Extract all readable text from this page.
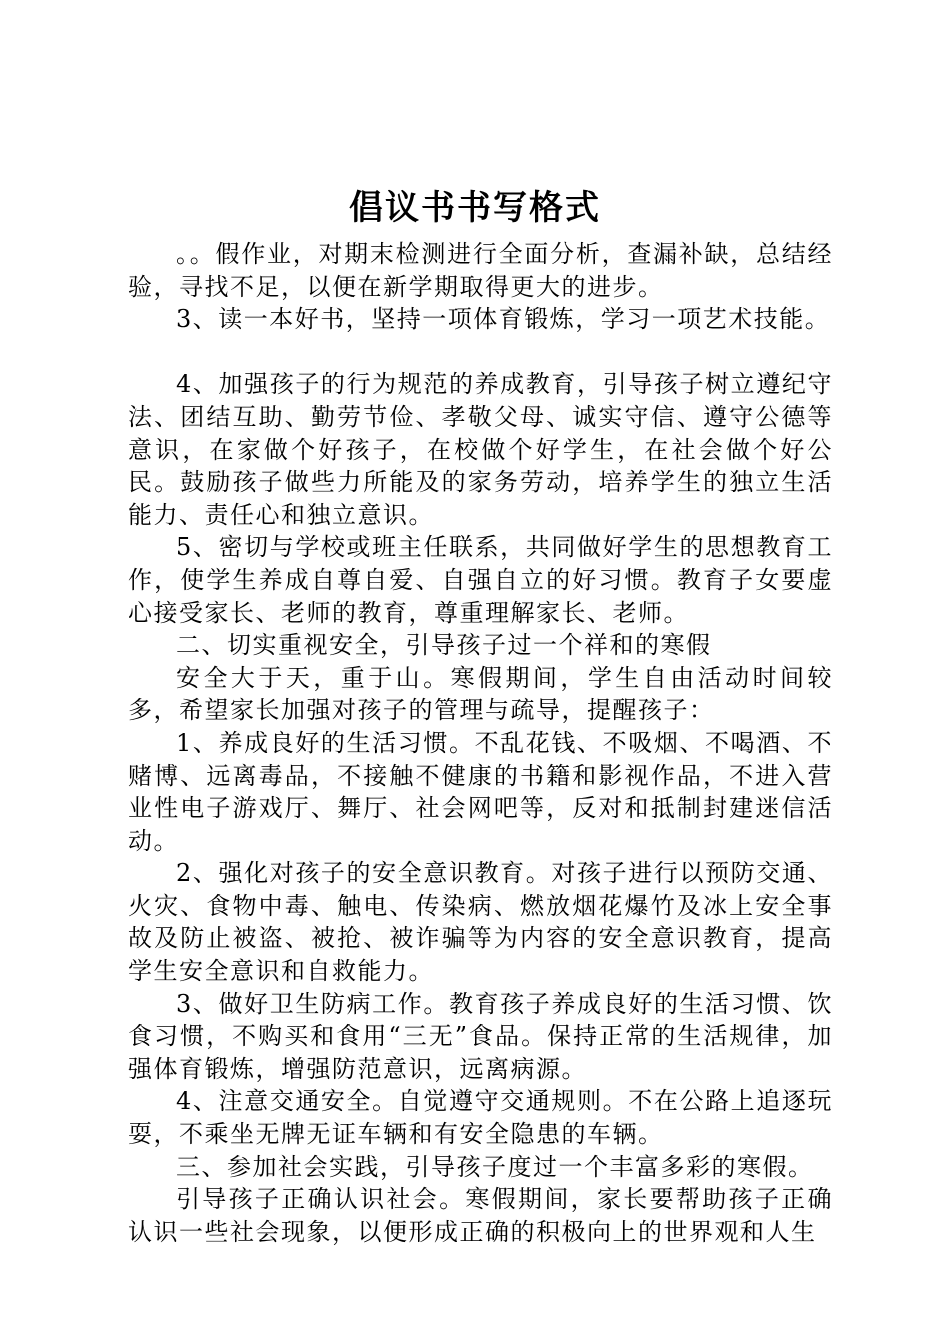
倡议书书写格式

。。假作业，对期末检测进行全面分析，查漏补缺，总结经验，寻找不足，以便在新学期取得更大的进步。

3、读一本好书，坚持一项体育锻炼，学习一项艺术技能。

4、加强孩子的行为规范的养成教育，引导孩子树立遵纪守法、团结互助、勤劳节俭、孝敬父母、诚实守信、遵守公德等意识，在家做个好孩子，在校做个好学生，在社会做个好公民。鼓励孩子做些力所能及的家务劳动，培养学生的独立生活能力、责任心和独立意识。

5、密切与学校或班主任联系，共同做好学生的思想教育工作，使学生养成自尊自爱、自强自立的好习惯。教育子女要虚心接受家长、老师的教育，尊重理解家长、老师。

二、切实重视安全，引导孩子过一个祥和的寒假

安全大于天，重于山。寒假期间，学生自由活动时间较多，希望家长加强对孩子的管理与疏导，提醒孩子：

1、养成良好的生活习惯。不乱花钱、不吸烟、不喝酒、不赌博、远离毒品，不接触不健康的书籍和影视作品，不进入营业性电子游戏厅、舞厅、社会网吧等，反对和抵制封建迷信活动。

2、强化对孩子的安全意识教育。对孩子进行以预防交通、火灾、食物中毒、触电、传染病、燃放烟花爆竹及冰上安全事故及防止被盗、被抢、被诈骗等为内容的安全意识教育，提高学生安全意识和自救能力。

3、做好卫生防病工作。教育孩子养成良好的生活习惯、饮食习惯，不购买和食用“三无”食品。保持正常的生活规律，加强体育锻炼，增强防范意识，远离病源。

4、注意交通安全。自觉遵守交通规则。不在公路上追逐玩耍，不乘坐无牌无证车辆和有安全隐患的车辆。

三、参加社会实践，引导孩子度过一个丰富多彩的寒假。

引导孩子正确认识社会。寒假期间，家长要帮助孩子正确认识一些社会现象，以便形成正确的积极向上的世界观和人生
